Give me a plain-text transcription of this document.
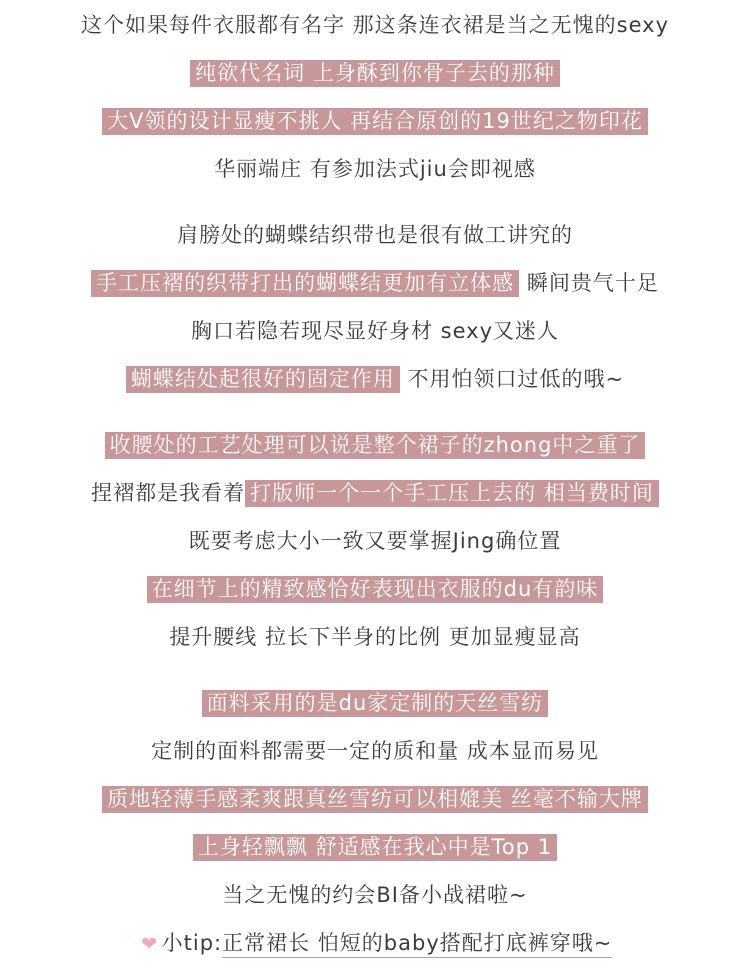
这个如果每件衣服都有名字 那这条连衣裙是当之无愧的sexy
纯欲代名词 上身酥到你骨子去的那种
大V领的设计显瘦不挑人 再结合原创的19世纪之物印花
华丽端庄 有参加法式jiu会即视感
肩膀处的蝴蝶结织带也是很有做工讲究的
手工压褶的织带打出的蝴蝶结更加有立体感 瞬间贵气十足
胸口若隐若现尽显好身材 sexy又迷人
蝴蝶结处起很好的固定作用 不用怕领口过低的哦~
收腰处的工艺处理可以说是整个裙子的zhong中之重了
捏褶都是我看着 打版师一个一个手工压上去的 相当费时间
既要考虑大小一致又要掌握Jing确位置
在细节上的精致感恰好表现出衣服的du有韵味
提升腰线 拉长下半身的比例 更加显瘦显高
面料采用的是du家定制的天丝雪纺
定制的面料都需要一定的质和量 成本显而易见
质地轻薄手感柔爽跟真丝雪纺可以相媲美 丝毫不输大牌
上身轻飘飘 舒适感在我心中是Top 1
当之无愧的约会BI备小战裙啦~
❤ 小tip:正常裙长 怕短的baby搭配打底裤穿哦~
